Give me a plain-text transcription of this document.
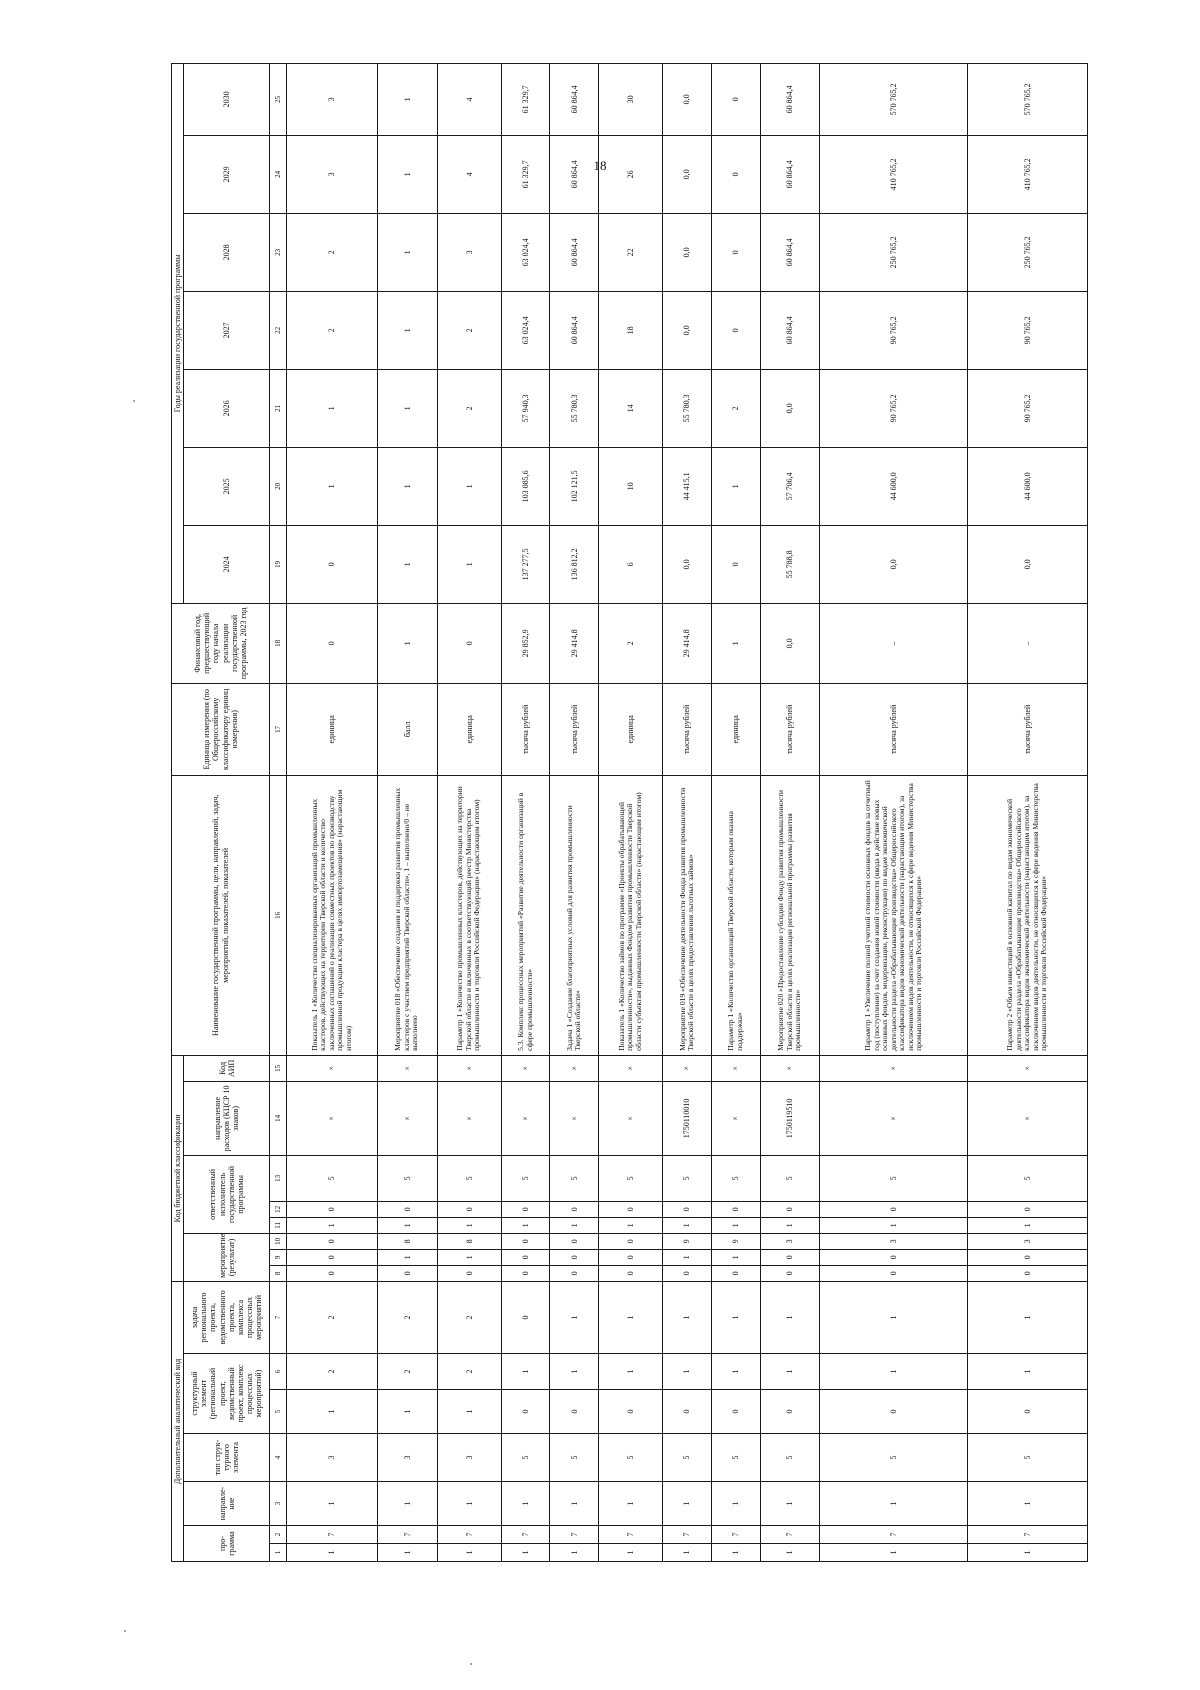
18
Дополнительный аналитический код							Код бюджетной классификации								Наименование государственной программы, цели, направлений, задач, мероприятий, показателей, показателей	Единица измерения (по Общероссийскому классификатору единиц измерения)	Финансовый год, предшествующий году начала реализации государственной программы, 2023 год	Годы реализации государственной программы						
про-грамма		направле-ние	тип струк-турного элемента	структурный элемент (региональный проект, ведомственный проект, комплекс процессных мероприятий)		задача регионального проекта, ведомственного проекта, комплекса процессных мероприятий	мероприятие (результат)			ответственный исполнитель государственной программы			направление расходов (КЦСР 10 знаков)	Код АИП				2024	2025	2026	2027	2028	2029	2030
1	2	3	4	5	6	7	8	9	10	11	12	13	14	15	16	17	18	19	20	21	22	23	24	25
1	7	1	3	1	2	2	0	0	0	1	0	5	×	×	Показатель 1 «Количество специализированных организаций промышленных кластеров, действующих на территории Тверской области и количество заключенных соглашений о реализации совместных проектов по производству промышленной продукции кластера в целях импортозамещения» (нарастающим итогом)	единица	0	0	1	1	2	2	3	3
1	7	1	3	1	2	2	0	1	8	1	0	5	×	×	Мероприятие 018 «Обеспечение создания и поддержки развития промышленных кластеров с участием предприятий Тверской области», 1 – выполнено/0 – не выполнено	балл	1	1	1	1	1	1	1	1
1	7	1	3	1	2	2	0	1	8	1	0	5	×	×	Параметр 1 «Количество промышленных кластеров, действующих на территории Тверской области и включенных в соответствующий реестр Министерства промышленности и торговли Российской Федерации» (нарастающим итогом)	единица	0	1	1	2	2	3	4	4
1	7	1	5	0	1	0	0	0	0	1	0	5	×	×	5.3. Комплекс процессных мероприятий «Развитие деятельности организаций в сфере промышленности»	тысяча рублей	29 852,9	137 277,5	103 085,6	57 940,3	63 024,4	63 024,4	61 329,7	61 329,7
1	7	1	5	0	1	1	0	0	0	1	0	5	×	×	Задача 1 «Создание благоприятных условий для развития промышленности Тверской области»	тысяча рублей	29 414,8	136 812,2	102 121,5	55 780,3	60 864,4	60 864,4	60 864,4	60 864,4
1	7	1	5	0	1	1	0	0	0	1	0	5	×	×	Показатель 1 «Количество займов по программе «Проекты обрабатывающей промышленности», выданных Фондом развития промышленности Тверской области субъектам промышленности Тверской области» (нарастающим итогом)	единица	2	6	10	14	18	22	26	30
1	7	1	5	0	1	1	0	1	9	1	0	5	1750110010	×	Мероприятие 019 «Обеспечение деятельности Фонда развития промышленности Тверской области в целях предоставления льготных займов»	тысяча рублей	29 414,8	0,0	44 415,1	55 780,3	0,0	0,0	0,0	0,0
1	7	1	5	0	1	1	0	1	9	1	0	5	×	×	Параметр 1 «Количество организаций Тверской области, которым оказана поддержка»	единица	1	0	1	2	0	0	0	0
1	7	1	5	0	1	1	0	0	3	1	0	5	1750119510	×	Мероприятие 020 «Предоставление субсидии Фонду развития промышленности Тверской области в целях реализации региональной программы развития промышленности»	тысяча рублей	0,0	55 788,8	57 706,4	0,0	60 864,4	60 864,4	60 864,4	60 864,4
1	7	1	5	0	1	1	0	0	3	1	0	5	×	×	Параметр 1 «Увеличение полной учетной стоимости основных фондов за отчетный год (поступление) за счет создания новой стоимости (ввода в действие новых основных фондов, модернизации, реконструкции) по видам экономической деятельности раздела «Обрабатывающие производства» Общероссийского классификатора видов экономической деятельности (нарастающим итогом), за исключением видов деятельности, не относящихся к сфере ведения Министерства промышленности и торговли Российской Федерации»	тысяча рублей	–	0,0	44 600,0	90 765,2	90 765,2	250 765,2	410 765,2	570 765,2
1	7	1	5	0	1	1	0	0	3	1	0	5	×	×	Параметр 2 «Объем инвестиций в основной капитал по видам экономической деятельности раздела «Обрабатывающие производства» Общероссийского классификатора видов экономической деятельности (нарастающим итогом), за исключением видов деятельности, не относящихся к сфере ведения Министерства промышленности и торговли Российской Федерации»	тысяча рублей	–	0,0	44 600,0	90 765,2	90 765,2	250 765,2	410 765,2	570 765,2
